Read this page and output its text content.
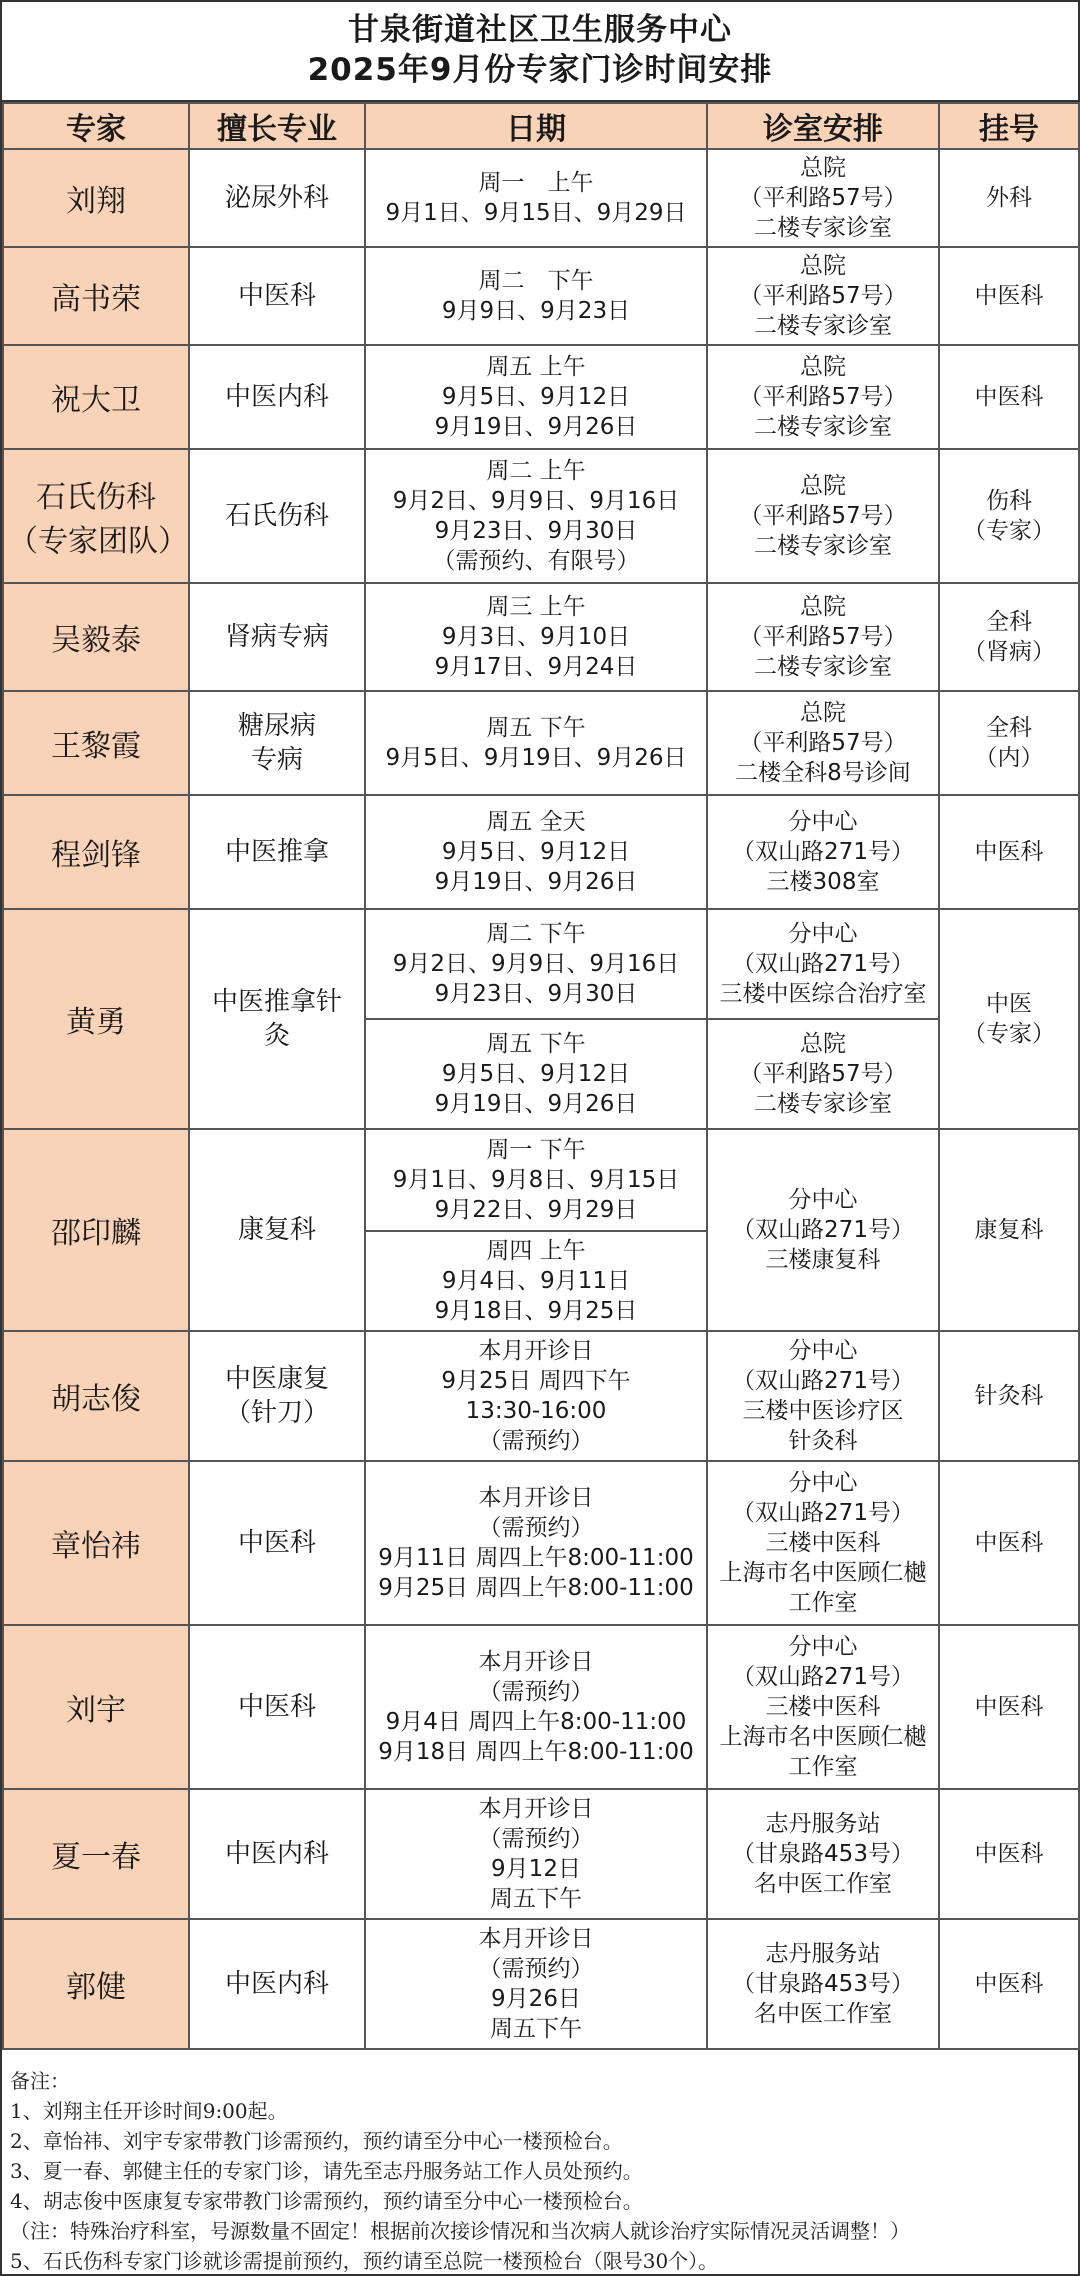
甘泉街道社区卫生服务中心
2025年9月份专家门诊时间安排
专家	擅长专业	日期	诊室安排	挂号

刘翔	泌尿外科	周一　上午
9月1日、9月15日、9月29日	总院
（平利路57号）
二楼专家诊室	外科

高书荣	中医科	周二　下午
9月9日、9月23日	总院
（平利路57号）
二楼专家诊室	中医科

祝大卫	中医内科	周五 上午
9月5日、9月12日
9月19日、9月26日	总院
（平利路57号）
二楼专家诊室	中医科

石氏伤科
（专家团队）	石氏伤科	周二 上午
9月2日、9月9日、9月16日
9月23日、9月30日
（需预约、有限号）	总院
（平利路57号）
二楼专家诊室	伤科
（专家）

吴毅泰	肾病专病	周三 上午
9月3日、9月10日
9月17日、9月24日	总院
（平利路57号）
二楼专家诊室	全科
（肾病）

王黎霞	糖尿病
专病	周五 下午
9月5日、9月19日、9月26日	总院
（平利路57号）
二楼全科8号诊间	全科
（内）

程剑锋	中医推拿	周五 全天
9月5日、9月12日
9月19日、9月26日	分中心
（双山路271号）
三楼308室	中医科

黄勇	中医推拿针
灸	周二 下午
9月2日、9月9日、9月16日
9月23日、9月30日	分中心
（双山路271号）
三楼中医综合治疗室	中医
（专家）

		周五 下午
9月5日、9月12日
9月19日、9月26日	总院
（平利路57号）
二楼专家诊室	

邵印麟	康复科	周一 下午
9月1日、9月8日、9月15日
9月22日、9月29日	分中心
（双山路271号）
三楼康复科	康复科

		周四 上午
9月4日、9月11日
9月18日、9月25日		

胡志俊	中医康复
（针刀）	本月开诊日
9月25日 周四下午
13:30-16:00
（需预约）	分中心
（双山路271号）
三楼中医诊疗区
针灸科	针灸科

章怡祎	中医科	本月开诊日
（需预约）
9月11日 周四上午8:00-11:00
9月25日 周四上午8:00-11:00	分中心
（双山路271号）
三楼中医科
上海市名中医顾仁樾
工作室	中医科

刘宇	中医科	本月开诊日
（需预约）
9月4日 周四上午8:00-11:00
9月18日 周四上午8:00-11:00	分中心
（双山路271号）
三楼中医科
上海市名中医顾仁樾
工作室	中医科

夏一春	中医内科	本月开诊日
（需预约）
9月12日
周五下午	志丹服务站
（甘泉路453号）
名中医工作室	中医科

郭健	中医内科	本月开诊日
（需预约）
9月26日
周五下午	志丹服务站
（甘泉路453号）
名中医工作室	中医科
备注：
1、刘翔主任开诊时间9:00起。
2、章怡祎、刘宇专家带教门诊需预约，预约请至分中心一楼预检台。
3、夏一春、郭健主任的专家门诊，请先至志丹服务站工作人员处预约。
4、胡志俊中医康复专家带教门诊需预约，预约请至分中心一楼预检台。
（注：特殊治疗科室，号源数量不固定！根据前次接诊情况和当次病人就诊治疗实际情况灵活调整！）
5、石氏伤科专家门诊就诊需提前预约，预约请至总院一楼预检台（限号30个）。
